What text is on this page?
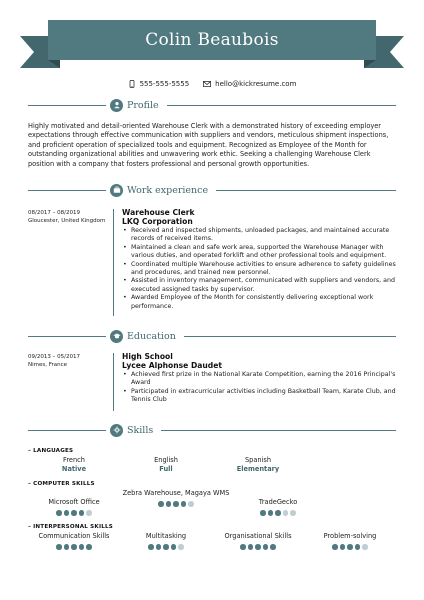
Colin Beaubois
555-555-5555	hello@kickresume.com
Profile

Highly motivated and detail-oriented Warehouse Clerk with a demonstrated history of exceeding employer expectations through effective communication with suppliers and vendors, meticulous shipment inspections, and proficient operation of specialized tools and equipment. Recognized as Employee of the Month for outstanding organizational abilities and unwavering work ethic. Seeking a challenging Warehouse Clerk position with a company that fosters professional and personal growth opportunities.

Work experience
08/2017 – 08/2019
Gloucester, United Kingdom
Warehouse Clerk
LKQ Corporation
• Received and inspected shipments, unloaded packages, and maintained accurate records of received items.
• Maintained a clean and safe work area, supported the Warehouse Manager with various duties, and operated forklift and other professional tools and equipment.
• Coordinated multiple Warehouse activities to ensure adherence to safety guidelines and procedures, and trained new personnel.
• Assisted in inventory management, communicated with suppliers and vendors, and executed assigned tasks by supervisor.
• Awarded Employee of the Month for consistently delivering exceptional work performance.
Education
09/2013 – 05/2017
Nimes, France
High School
Lycee Alphonse Daudet
• Achieved first prize in the National Karate Competition, earning the 2016 Principal's Award
• Participated in extracurricular activities including Basketball Team, Karate Club, and Tennis Club
Skills
– LANGUAGES
French
Native
English
Full
Spanish
Elementary
– COMPUTER SKILLS
Microsoft Office
Zebra Warehouse, Magaya WMS
TradeGecko
– INTERPERSONAL SKILLS
Communication Skills	Multitasking	Organisational Skills	Problem-solving
